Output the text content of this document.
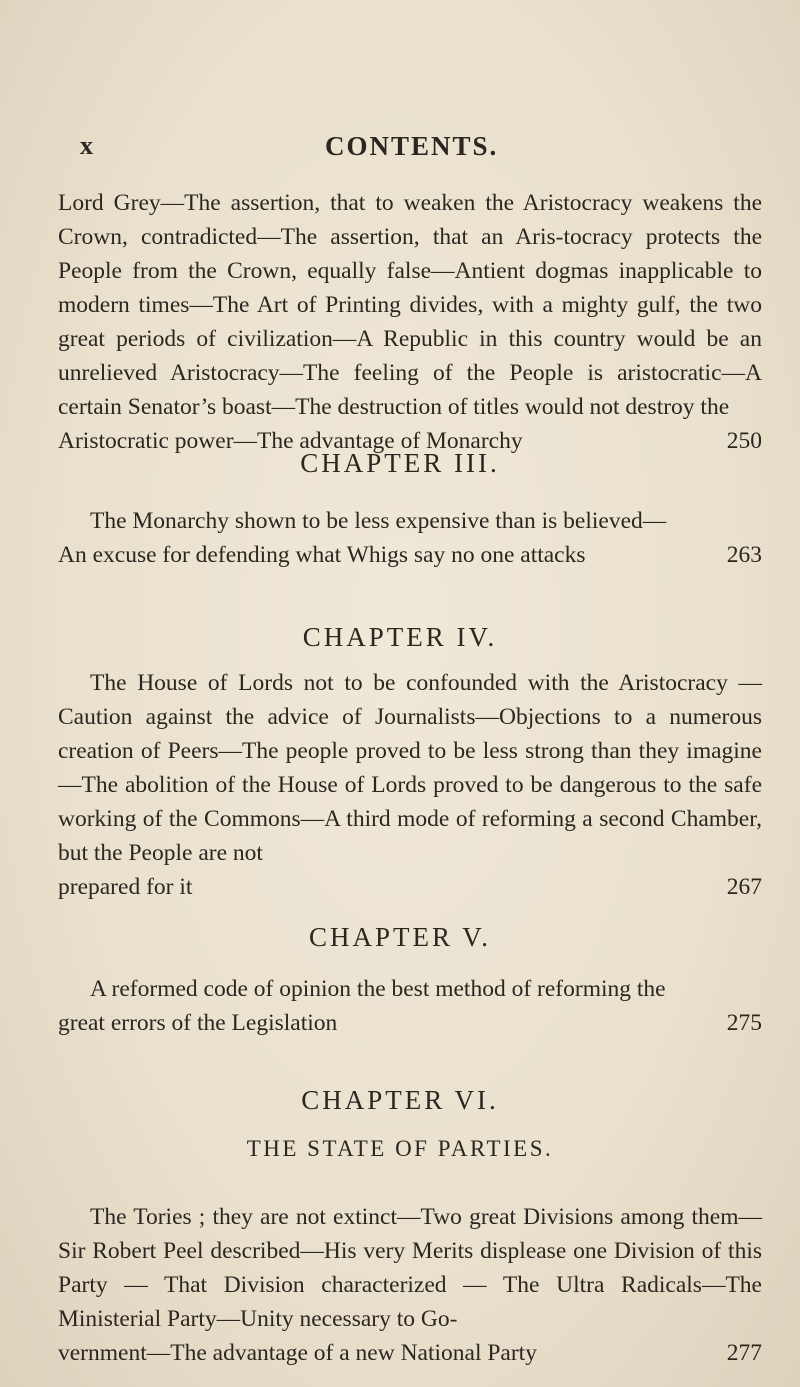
x	CONTENTS.
Lord Grey—The assertion, that to weaken the Aristocracy weakens the Crown, contradicted—The assertion, that an Aris-tocracy protects the People from the Crown, equally false—Antient dogmas inapplicable to modern times—The Art of Printing divides, with a mighty gulf, the two great periods of civilization—A Republic in this country would be an unrelieved Aristocracy—The feeling of the People is aristocratic—A certain Senator’s boast—The destruction of titles would not destroy the
Aristocratic power—The advantage of Monarchy	250
CHAPTER III.
The Monarchy shown to be less expensive than is believed—
An excuse for defending what Whigs say no one attacks	263
CHAPTER IV.
The House of Lords not to be confounded with the Aristocracy —Caution against the advice of Journalists—Objections to a numerous creation of Peers—The people proved to be less strong than they imagine—The abolition of the House of Lords proved to be dangerous to the safe working of the Commons—A third mode of reforming a second Chamber, but the People are not
prepared for it	267
CHAPTER V.
A reformed code of opinion the best method of reforming the
great errors of the Legislation	275
CHAPTER VI.
THE STATE OF PARTIES.
The Tories ; they are not extinct—Two great Divisions among them—Sir Robert Peel described—His very Merits displease one Division of this Party — That Division characterized — The Ultra Radicals—The Ministerial Party—Unity necessary to Go-
vernment—The advantage of a new National Party	277
